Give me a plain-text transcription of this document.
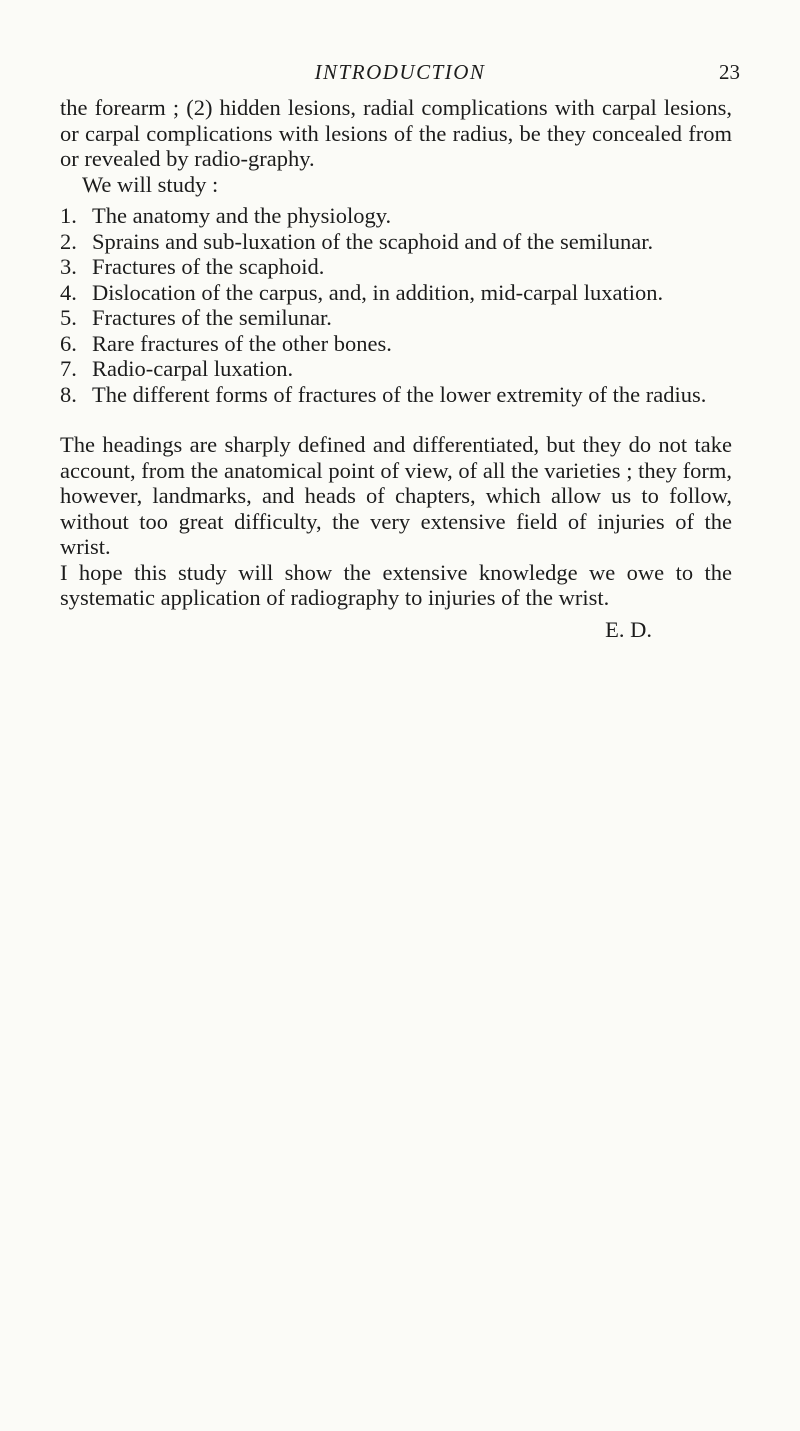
INTRODUCTION	23

the forearm ; (2) hidden lesions, radial complications with carpal lesions, or carpal complications with lesions of the radius, be they concealed from or revealed by radio-graphy.

We will study :

1. The anatomy and the physiology.
2. Sprains and sub-luxation of the scaphoid and of the semilunar.
3. Fractures of the scaphoid.
4. Dislocation of the carpus, and, in addition, mid-carpal luxation.
5. Fractures of the semilunar.
6. Rare fractures of the other bones.
7. Radio-carpal luxation.
8. The different forms of fractures of the lower extremity of the radius.

The headings are sharply defined and differentiated, but they do not take account, from the anatomical point of view, of all the varieties ; they form, however, landmarks, and heads of chapters, which allow us to follow, without too great difficulty, the very extensive field of injuries of the wrist.

I hope this study will show the extensive knowledge we owe to the systematic application of radiography to injuries of the wrist.

E. D.
